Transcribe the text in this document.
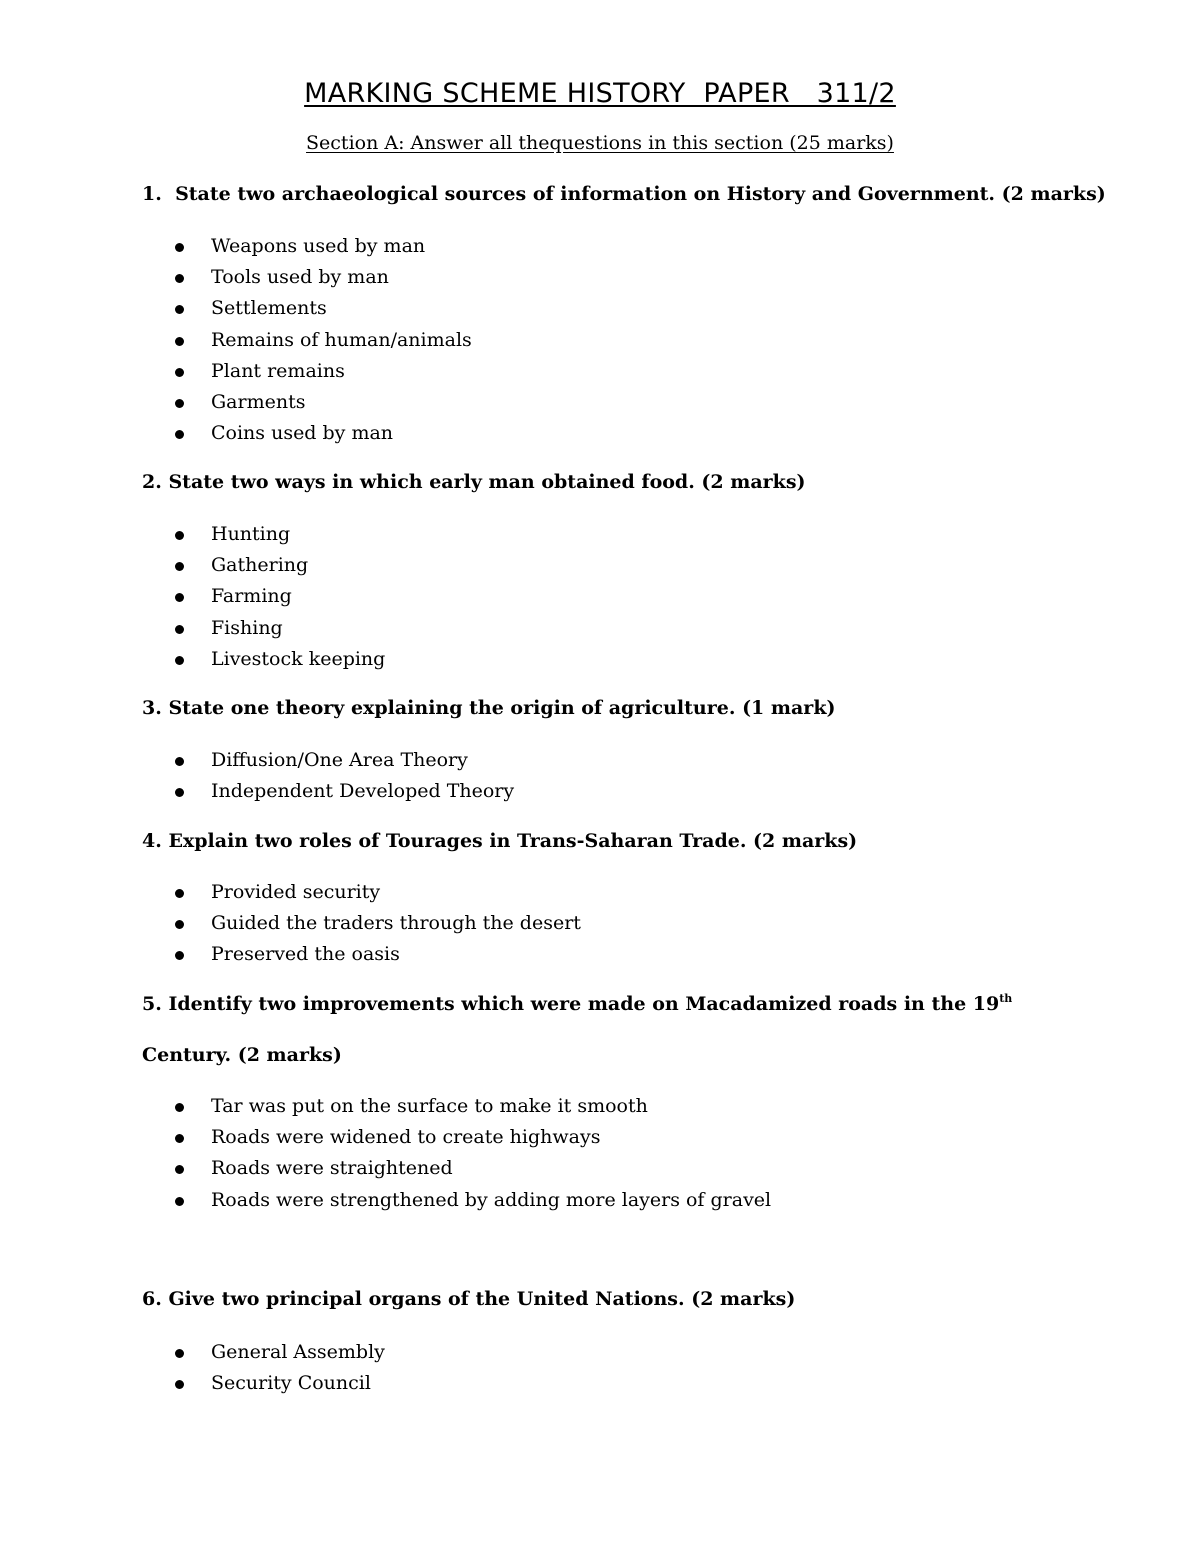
MARKING SCHEME HISTORY  PAPER   311/2
Section A: Answer all thequestions in this section (25 marks)

1.  State two archaeological sources of information on History and Government. (2 marks)

Weapons used by man
Tools used by man
Settlements
Remains of human/animals
Plant remains
Garments
Coins used by man

2. State two ways in which early man obtained food. (2 marks)

Hunting
Gathering
Farming
Fishing
Livestock keeping

3. State one theory explaining the origin of agriculture. (1 mark)

Diffusion/One Area Theory
Independent Developed Theory

4. Explain two roles of Tourages in Trans-Saharan Trade. (2 marks)

Provided security
Guided the traders through the desert
Preserved the oasis

5. Identify two improvements which were made on Macadamized roads in the 19th

Century. (2 marks)

Tar was put on the surface to make it smooth
Roads were widened to create highways
Roads were straightened
Roads were strengthened by adding more layers of gravel

6. Give two principal organs of the United Nations. (2 marks)

General Assembly
Security Council
